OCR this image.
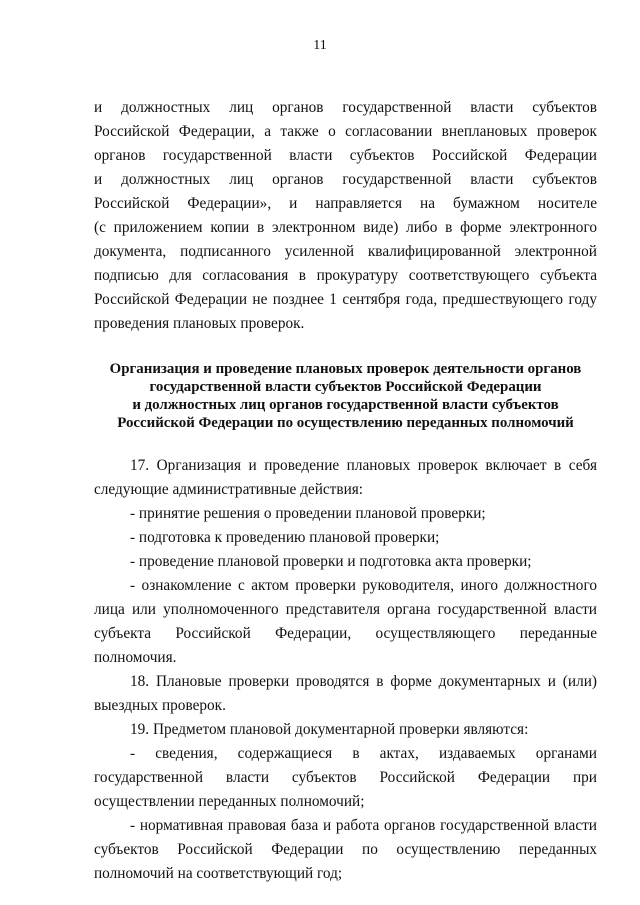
11

и должностных лиц органов государственной власти субъектов

Российской Федерации, а также о согласовании внеплановых проверок

органов государственной власти субъектов Российской Федерации

и должностных лиц органов государственной власти субъектов

Российской Федерации», и направляется на бумажном носителе

(с приложением копии в электронном виде) либо в форме электронного

документа, подписанного усиленной квалифицированной электронной

подписью для согласования в прокуратуру соответствующего субъекта

Российской Федерации не позднее 1 сентября года, предшествующего году

проведения плановых проверок.

Организация и проведение плановых проверок деятельности органов
государственной власти субъектов Российской Федерации
и должностных лиц органов государственной власти субъектов
Российской Федерации по осуществлению переданных полномочий

17. Организация и проведение плановых проверок включает в себя следующие административные действия:

- принятие решения о проведении плановой проверки;

- подготовка к проведению плановой проверки;

- проведение плановой проверки и подготовка акта проверки;

- ознакомление с актом проверки руководителя, иного должностного лица или уполномоченного представителя органа государственной власти субъекта Российской Федерации, осуществляющего переданные полномочия.

18. Плановые проверки проводятся в форме документарных и (или) выездных проверок.

19. Предметом плановой документарной проверки являются:

- сведения, содержащиеся в актах, издаваемых органами государственной власти субъектов Российской Федерации при осуществлении переданных полномочий;

- нормативная правовая база и работа органов государственной власти субъектов Российской Федерации по осуществлению переданных полномочий на соответствующий год;
